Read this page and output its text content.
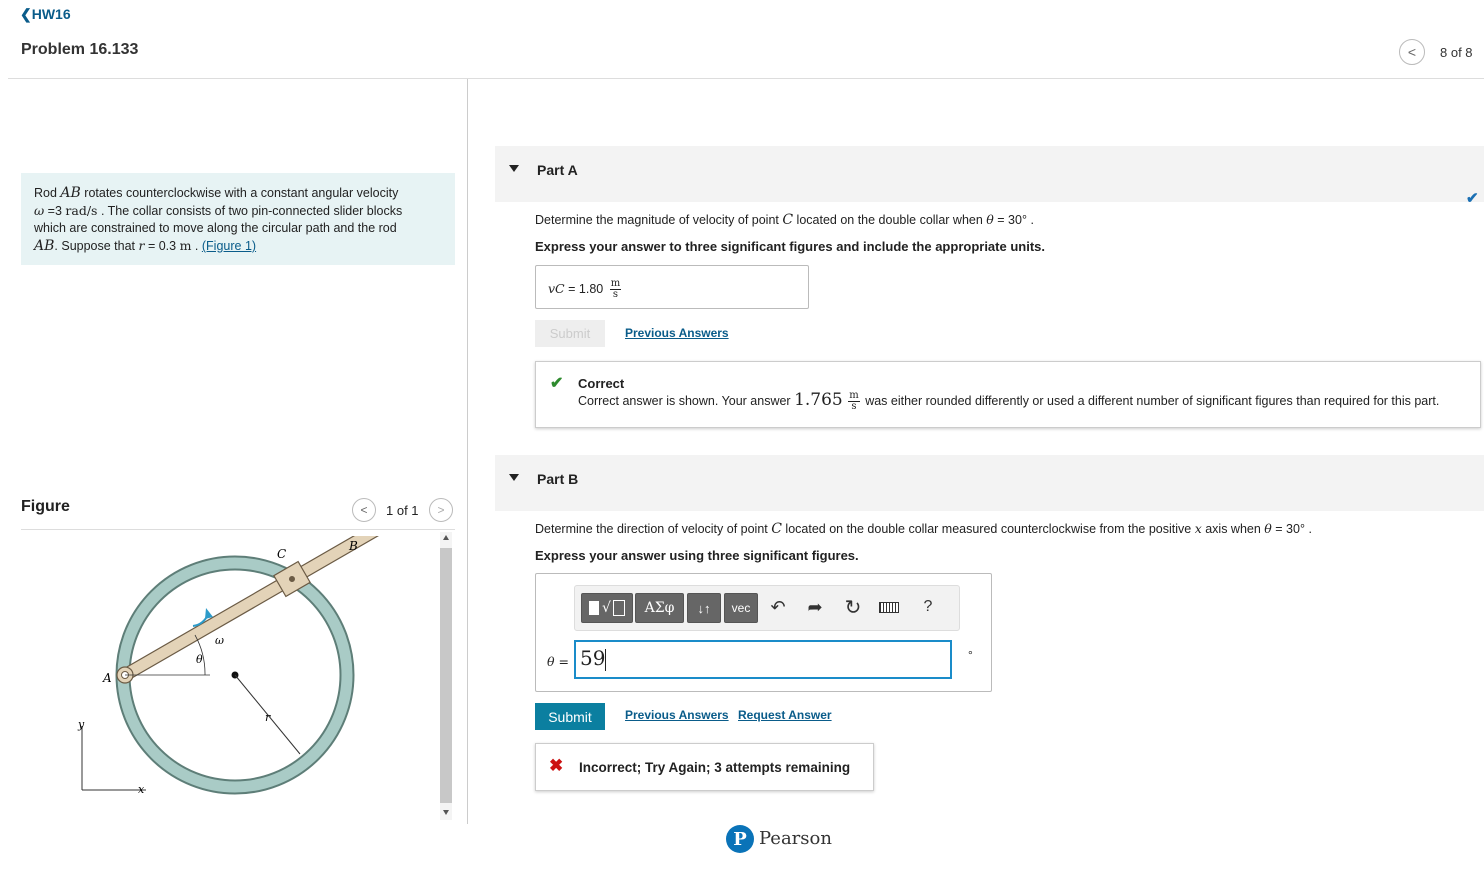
❮HW16
Problem 16.133	< 8 of 8
Rod AB rotates counterclockwise with a constant angular velocity
ω =3 rad/s . The collar consists of two pin-connected slider blocks
which are constrained to move along the circular path and the rod
AB. Suppose that r = 0.3 m . (Figure 1)
Figure	< 1 of 1 >
A
B
C
ω
θ
r
x
y
Part A
✔
Determine the magnitude of velocity of point C located on the double collar when θ = 30° .
Express your answer to three significant figures and include the appropriate units.
vC = $1.80 \frac{m}{s}$
Submit	Previous Answers
✔ Correct
Correct answer is shown. Your answer $1.765 \frac{m}{s}$ was either rounded differently or used a different number of significant figures than required for this part.
Part B
Determine the direction of velocity of point C located on the double collar measured counterclockwise from the positive x axis when θ = 30° .
Express your answer using three significant figures.
√	ΑΣφ	↓↑	vec	↶ ➦ ↻	?
θ = 59	°
Submit	Previous Answers Request Answer
✖ Incorrect; Try Again; 3 attempts remaining
P Pearson
